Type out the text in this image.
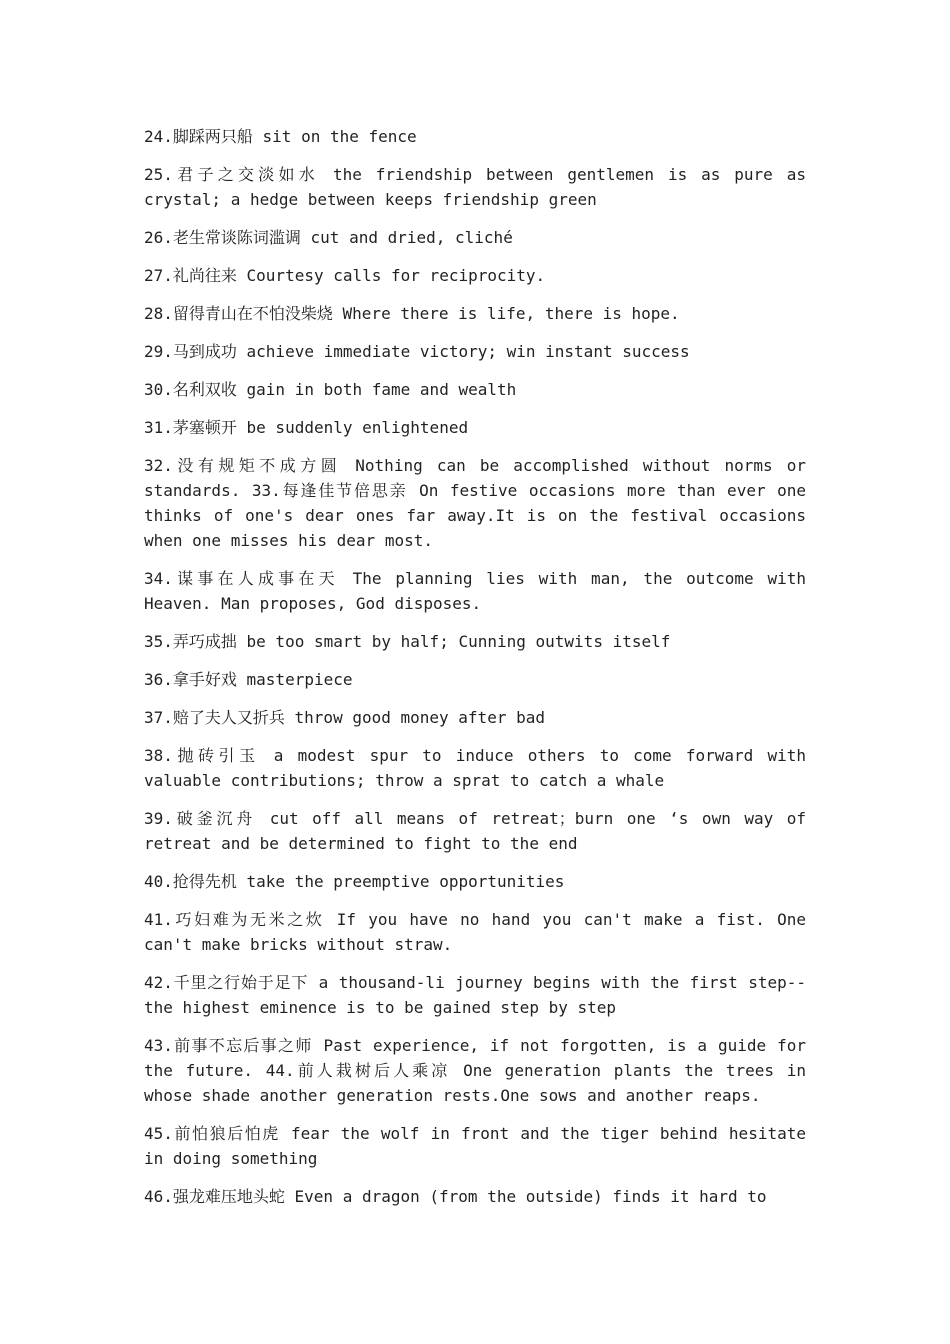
24.脚踩两只船 sit on the fence

25.君子之交淡如水 the friendship between gentlemen is as pure as crystal; a hedge between keeps friendship green

26.老生常谈陈词滥调 cut and dried, cliché

27.礼尚往来 Courtesy calls for reciprocity.

28.留得青山在不怕没柴烧 Where there is life, there is hope.

29.马到成功 achieve immediate victory; win instant success

30.名利双收 gain in both fame and wealth

31.茅塞顿开 be suddenly enlightened

32.没有规矩不成方圆 Nothing can be accomplished without norms or standards. 33.每逢佳节倍思亲 On festive occasions more than ever one thinks of one's dear ones far away.It is on the festival occasions when one misses his dear most.

34.谋事在人成事在天 The planning lies with man, the outcome with Heaven. Man proposes, God disposes.

35.弄巧成拙 be too smart by half; Cunning outwits itself

36.拿手好戏 masterpiece

37.赔了夫人又折兵 throw good money after bad

38.抛砖引玉 a modest spur to induce others to come forward with valuable contributions; throw a sprat to catch a whale

39.破釜沉舟 cut off all means of retreat；burn one ‘s own way of retreat and be determined to fight to the end

40.抢得先机 take the preemptive opportunities

41.巧妇难为无米之炊 If you have no hand you can't make a fist. One can't make bricks without straw.

42.千里之行始于足下 a thousand-li journey begins with the first step--the highest eminence is to be gained step by step

43.前事不忘后事之师 Past experience, if not forgotten, is a guide for the future. 44.前人栽树后人乘凉 One generation plants the trees in whose shade another generation rests.One sows and another reaps.

45.前怕狼后怕虎 fear the wolf in front and the tiger behind hesitate in doing something

46.强龙难压地头蛇 Even a dragon (from the outside) finds it hard to
